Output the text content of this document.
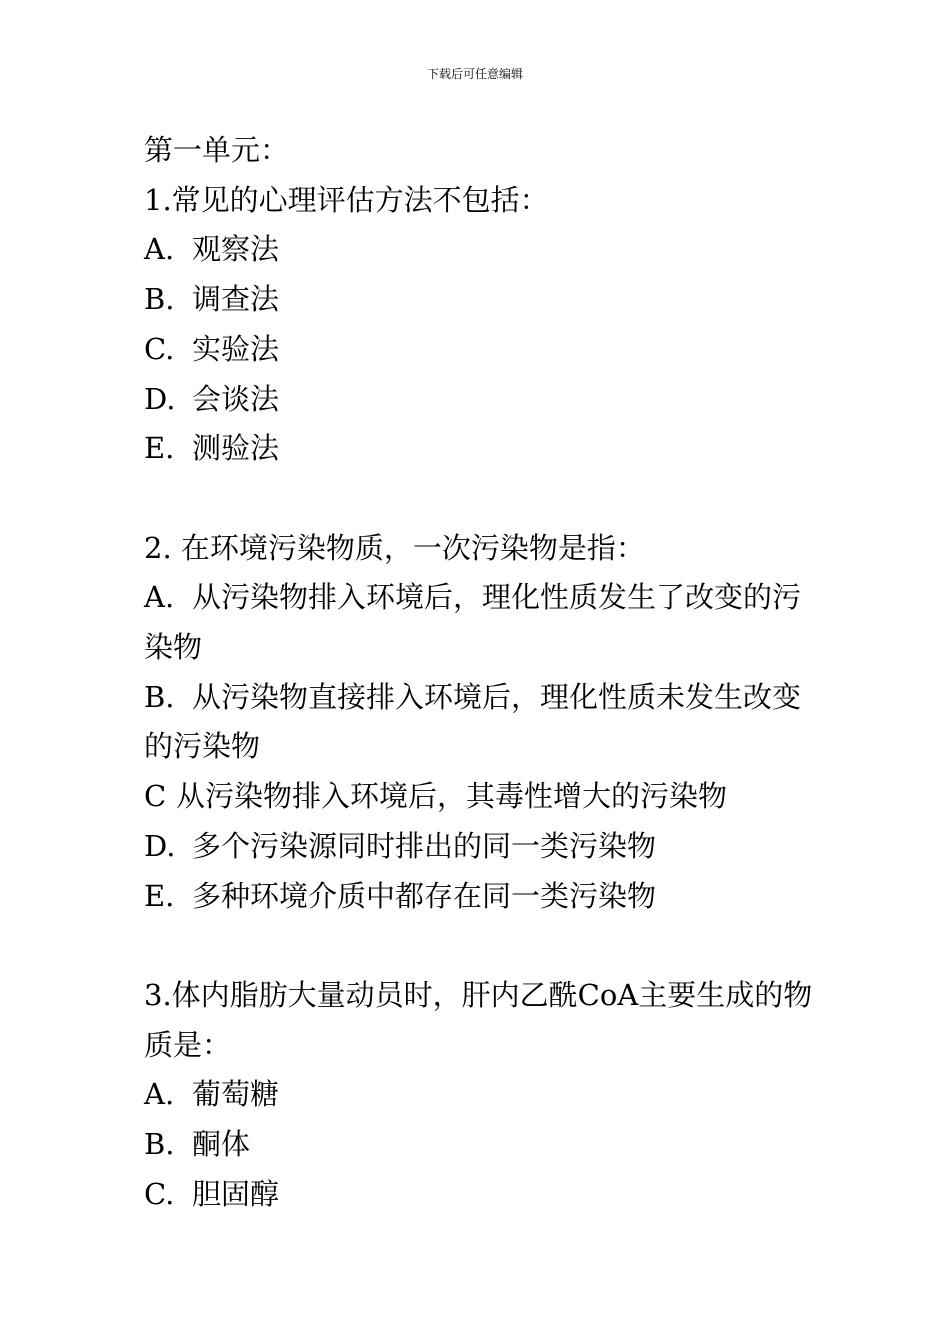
下载后可任意编辑
第一单元：
1.常见的心理评估方法不包括：
A. 观察法
B. 调查法
C. 实验法
D. 会谈法
E. 测验法
2. 在环境污染物质，一次污染物是指：
A. 从污染物排入环境后，理化性质发生了改变的污染物
B. 从污染物直接排入环境后，理化性质未发生改变的污染物
C 从污染物排入环境后，其毒性增大的污染物
D. 多个污染源同时排出的同一类污染物
E. 多种环境介质中都存在同一类污染物
3.体内脂肪大量动员时，肝内乙酰CoA主要生成的物质是：
A. 葡萄糖
B. 酮体
C. 胆固醇
